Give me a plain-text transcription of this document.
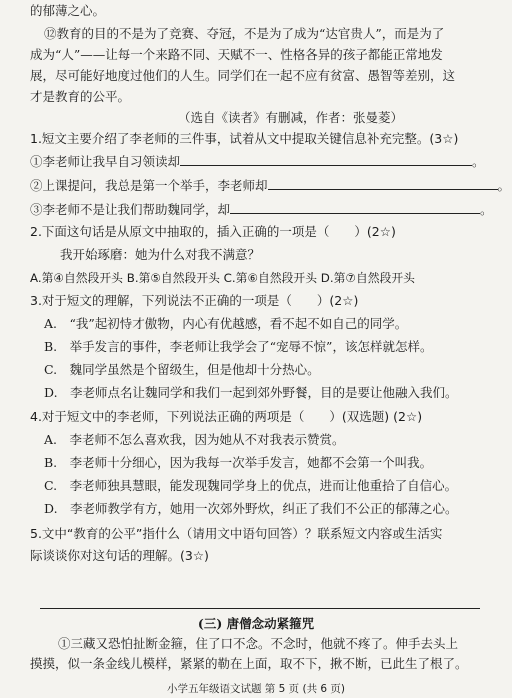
的郁薄之心。
⑫教育的目的不是为了竞赛、夺冠，不是为了成为“达官贵人”，而是为了
成为“人”——让每一个来路不同、天赋不一、性格各异的孩子都能正常地发
展，尽可能好地度过他们的人生。同学们在一起不应有贫富、愚智等差别，这
才是教育的公平。
（选自《读者》有删减，作者：张曼菱）
1.短文主要介绍了李老师的三件事，试着从文中提取关键信息补充完整。(3☆)
①李老师让我早自习领读却	。
②上课提问，我总是第一个举手，李老师却	。
③李老师不是让我们帮助魏同学，却	。
2.下面这句话是从原文中抽取的，插入正确的一项是（　　）(2☆)
我开始琢磨：她为什么对我不满意？
A.第④自然段开头 B.第⑤自然段开头 C.第⑥自然段开头 D.第⑦自然段开头
3.对于短文的理解，下列说法不正确的一项是（　　）(2☆)
A.　“我”起初恃才傲物，内心有优越感，看不起不如自己的同学。
B.　举手发言的事件，李老师让我学会了“宠辱不惊”，该怎样就怎样。
C.　魏同学虽然是个留级生，但是他却十分热心。
D.　李老师点名让魏同学和我们一起到郊外野餐，目的是要让他融入我们。
4.对于短文中的李老师，下列说法正确的两项是（　　）(双选题) (2☆)
A.　李老师不怎么喜欢我，因为她从不对我表示赞赏。
B.　李老师十分细心，因为我每一次举手发言，她都不会第一个叫我。
C.　李老师独具慧眼，能发现魏同学身上的优点，进而让他重拾了自信心。
D.　李老师教学有方，她用一次郊外野炊，纠正了我们不公正的郁薄之心。
5.文中“教育的公平”指什么（请用文中语句回答）？联系短文内容或生活实
际谈谈你对这句话的理解。(3☆)
(三) 唐僧念动紧箍咒
①三藏又恐怕扯断金箍，住了口不念。不念时，他就不疼了。伸手去头上
摸摸，似一条金线儿模样，紧紧的勒在上面，取不下，揪不断，已此生了根了。
小学五年级语文试题 第 5 页 (共 6 页)
